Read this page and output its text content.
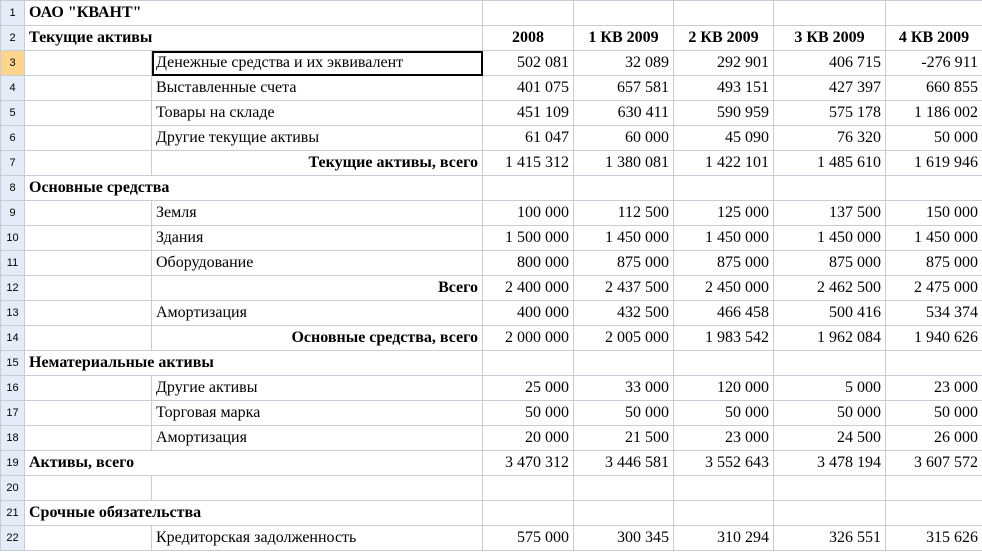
1	ОАО "КВАНТ"						
2	Текущие активы		2008	1 КВ 2009	2 КВ 2009	3 КВ 2009	4 КВ 2009
3		Денежные средства и их эквивалент	502 081	32 089	292 901	406 715	-276 911
4		Выставленные счета	401 075	657 581	493 151	427 397	660 855
5		Товары на складе	451 109	630 411	590 959	575 178	1 186 002
6		Другие текущие активы	61 047	60 000	45 090	76 320	50 000
7		Текущие активы, всего	1 415 312	1 380 081	1 422 101	1 485 610	1 619 946
8	Основные средства						
9		Земля	100 000	112 500	125 000	137 500	150 000
10		Здания	1 500 000	1 450 000	1 450 000	1 450 000	1 450 000
11		Оборудование	800 000	875 000	875 000	875 000	875 000
12		Всего	2 400 000	2 437 500	2 450 000	2 462 500	2 475 000
13		Амортизация	400 000	432 500	466 458	500 416	534 374
14		Основные средства, всего	2 000 000	2 005 000	1 983 542	1 962 084	1 940 626
15	Нематериальные активы						
16		Другие активы	25 000	33 000	120 000	5 000	23 000
17		Торговая марка	50 000	50 000	50 000	50 000	50 000
18		Амортизация	20 000	21 500	23 000	24 500	26 000
19	Активы, всего		3 470 312	3 446 581	3 552 643	3 478 194	3 607 572
20							
21	Срочные обязательства						
22		Кредиторская задолженность	575 000	300 345	310 294	326 551	315 626
